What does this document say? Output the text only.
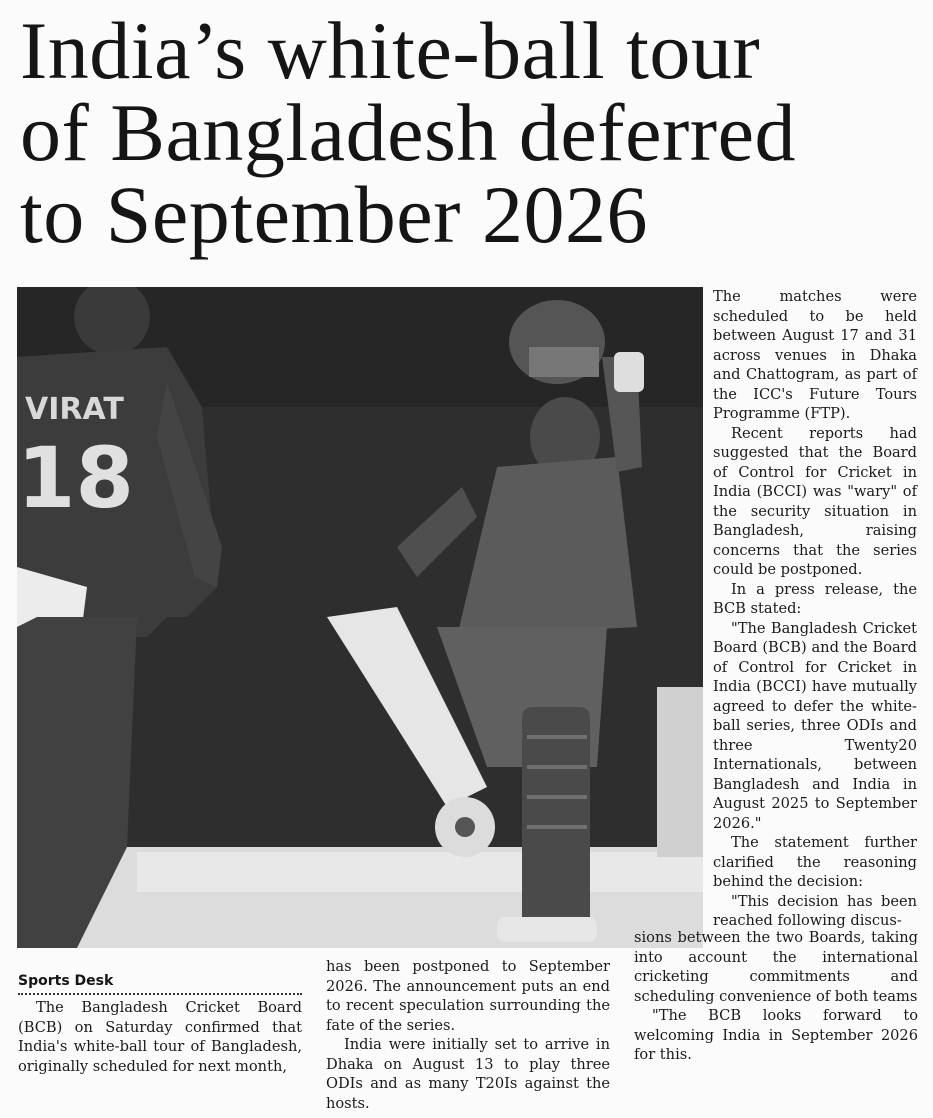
India’s white-ball tour
of Bangladesh deferred
to September 2026
VIRAT
18

The matches were scheduled to be held between August 17 and 31 across venues in Dhaka and Chattogram, as part of the ICC's Future Tours Programme (FTP).

Recent reports had suggested that the Board of Control for Cricket in India (BCCI) was "wary" of the security situation in Bangladesh, raising concerns that the series could be postponed.

In a press release, the BCB stated:

"The Bangladesh Cricket Board (BCB) and the Board of Control for Cricket in India (BCCI) have mutually agreed to defer the white-ball series, three ODIs and three Twenty20 Internationals, between Bangladesh and India in August 2025 to September 2026."

The statement further clarified the reasoning behind the decision:

"This decision has been reached following discus-

Sports Desk

The Bangladesh Cricket Board (BCB) on Saturday confirmed that India's white-ball tour of Bangladesh, originally scheduled for next month,

has been postponed to September 2026. The announcement puts an end to recent speculation surrounding the fate of the series.

India were initially set to arrive in Dhaka on August 13 to play three ODIs and as many T20Is against the hosts.

sions between the two Boards, taking into account the international cricketing commitments and scheduling convenience of both teams

"The BCB looks forward to welcoming India in September 2026 for this.
